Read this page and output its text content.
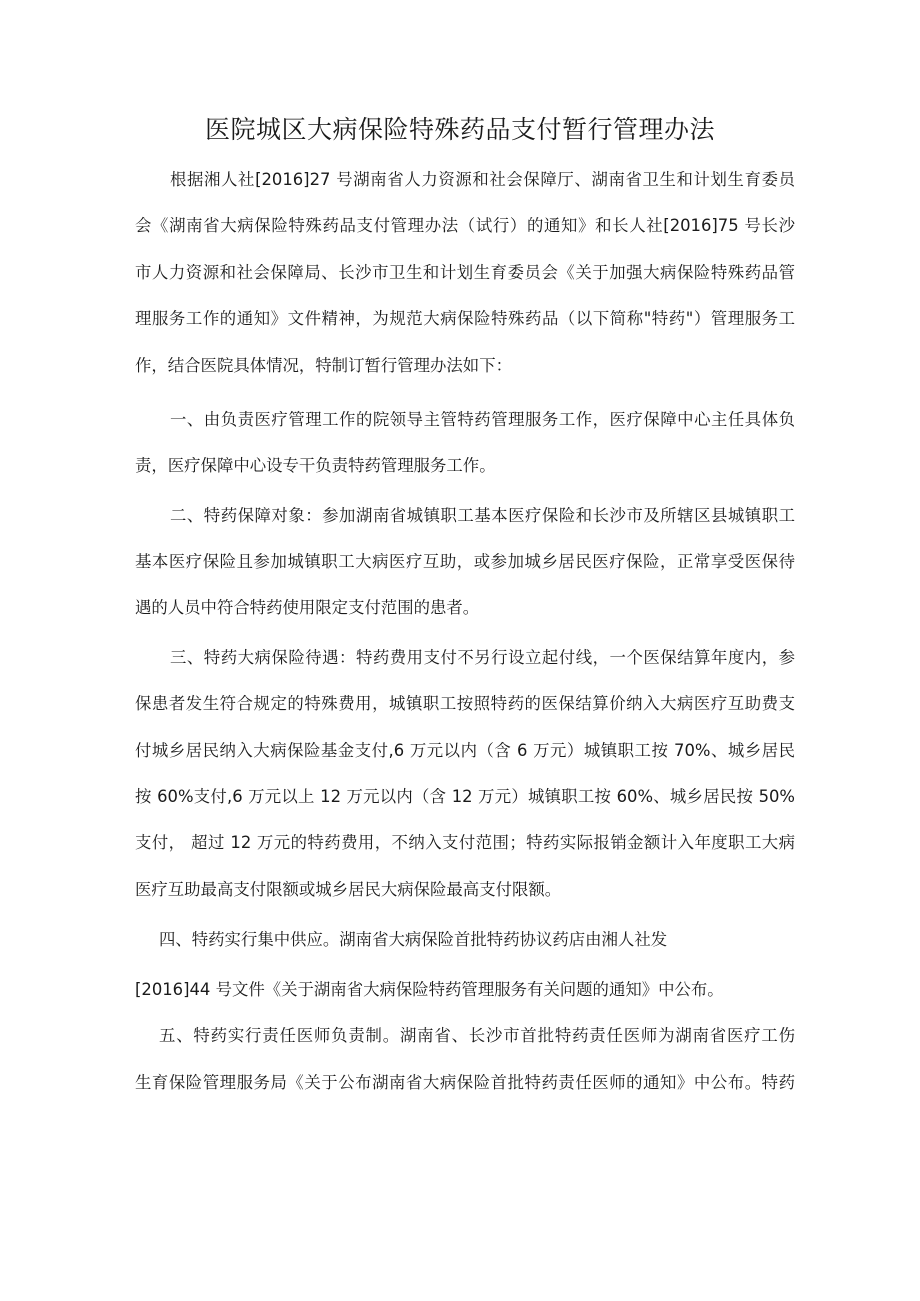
医院城区大病保险特殊药品支付暂行管理办法
根据湘人社[2016]27 号湖南省人力资源和社会保障厅、湖南省卫生和计划生育委员
会《湖南省大病保险特殊药品支付管理办法（试行）的通知》和长人社[2016]75 号长沙
市人力资源和社会保障局、长沙市卫生和计划生育委员会《关于加强大病保险特殊药品管
理服务工作的通知》文件精神，为规范大病保险特殊药品（以下简称"特药"）管理服务工
作，结合医院具体情况，特制订暂行管理办法如下：
一、由负责医疗管理工作的院领导主管特药管理服务工作，医疗保障中心主任具体负
责，医疗保障中心设专干负责特药管理服务工作。
二、特药保障对象：参加湖南省城镇职工基本医疗保险和长沙市及所辖区县城镇职工
基本医疗保险且参加城镇职工大病医疗互助，或参加城乡居民医疗保险，正常享受医保待
遇的人员中符合特药使用限定支付范围的患者。
三、特药大病保险待遇：特药费用支付不另行设立起付线，一个医保结算年度内，参
保患者发生符合规定的特殊费用，城镇职工按照特药的医保结算价纳入大病医疗互助费支
付城乡居民纳入大病保险基金支付,6 万元以内（含 6 万元）城镇职工按 70%、城乡居民
按 60%支付,6 万元以上 12 万元以内（含 12 万元）城镇职工按 60%、城乡居民按 50%
支付， 超过 12 万元的特药费用，不纳入支付范围；特药实际报销金额计入年度职工大病
医疗互助最高支付限额或城乡居民大病保险最高支付限额。
四、特药实行集中供应。湖南省大病保险首批特药协议药店由湘人社发
[2016]44 号文件《关于湖南省大病保险特药管理服务有关问题的通知》中公布。
五、特药实行责任医师负责制。湖南省、长沙市首批特药责任医师为湖南省医疗工伤
生育保险管理服务局《关于公布湖南省大病保险首批特药责任医师的通知》中公布。特药
